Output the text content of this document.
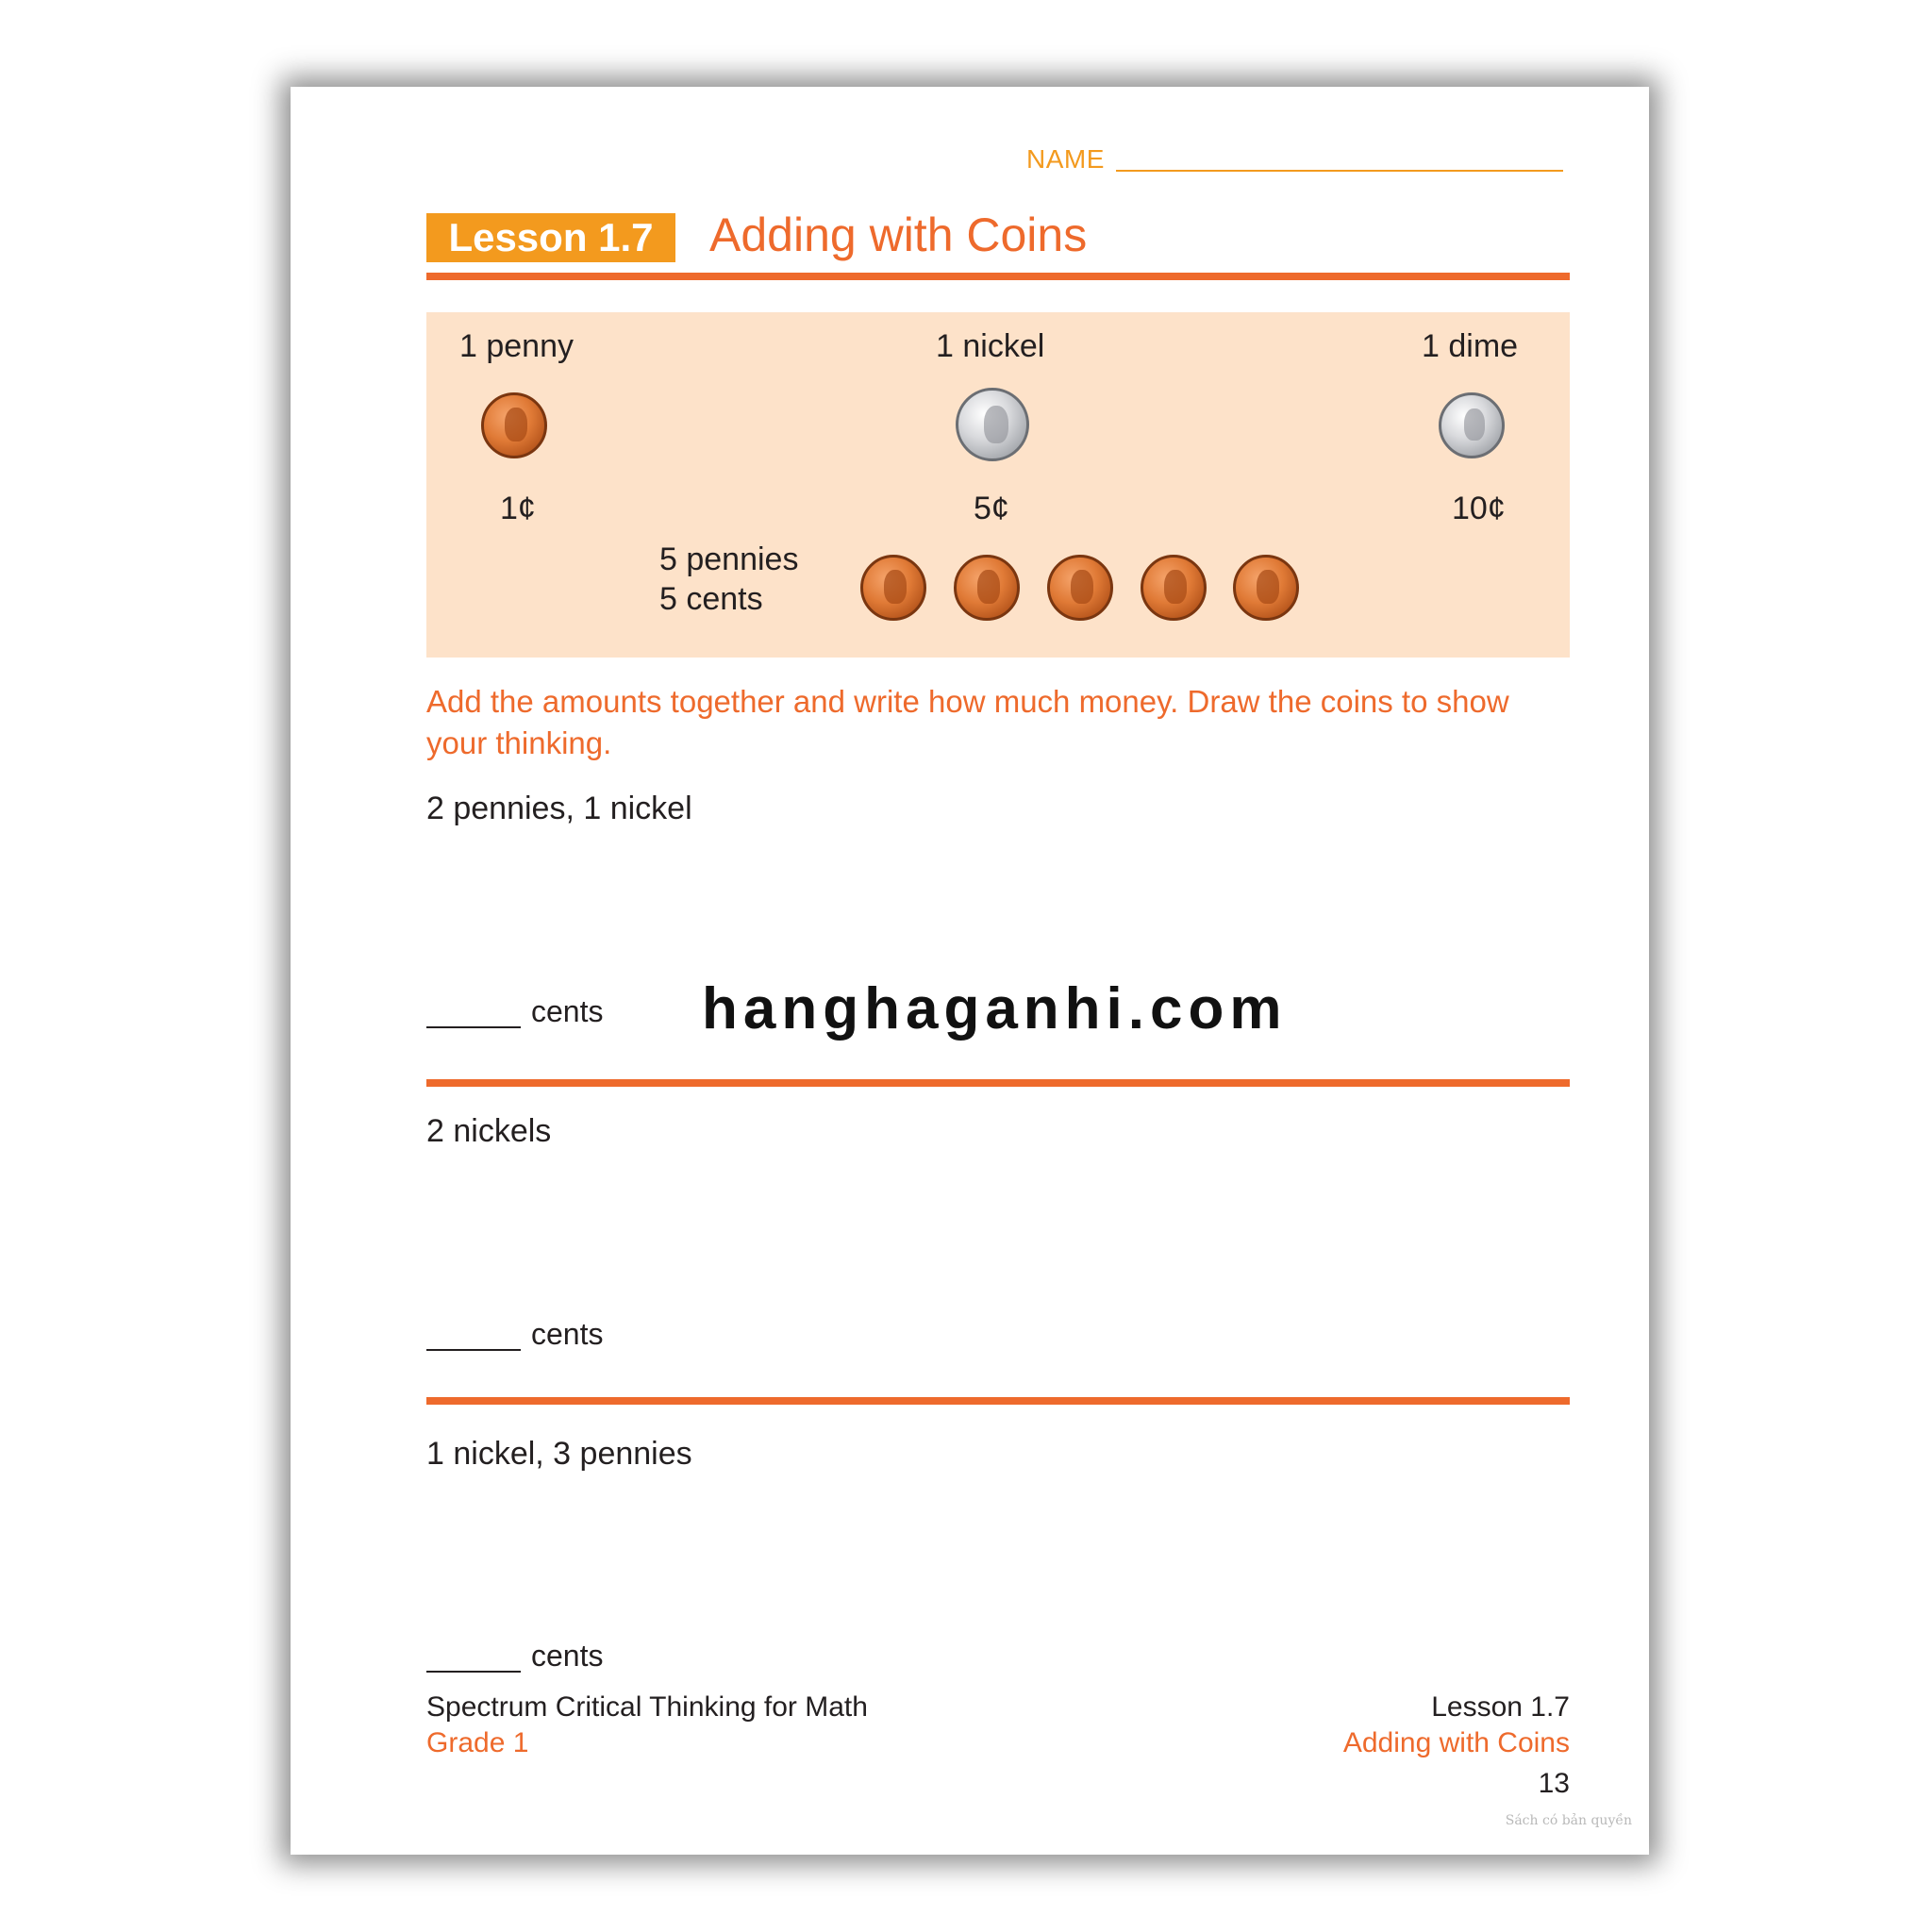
NAME
Lesson 1.7	Adding with Coins
1 penny	1 nickel	1 dime
1¢	5¢	10¢
5 pennies
5 cents
Add the amounts together and write how much money. Draw the coins to show your thinking.
2 pennies, 1 nickel
cents hanghaganhi.com
2 nickels
cents
1 nickel, 3 pennies
cents
Spectrum Critical Thinking for Math
Grade 1
Lesson 1.7
Adding with Coins
13
Sách có bản quyền
